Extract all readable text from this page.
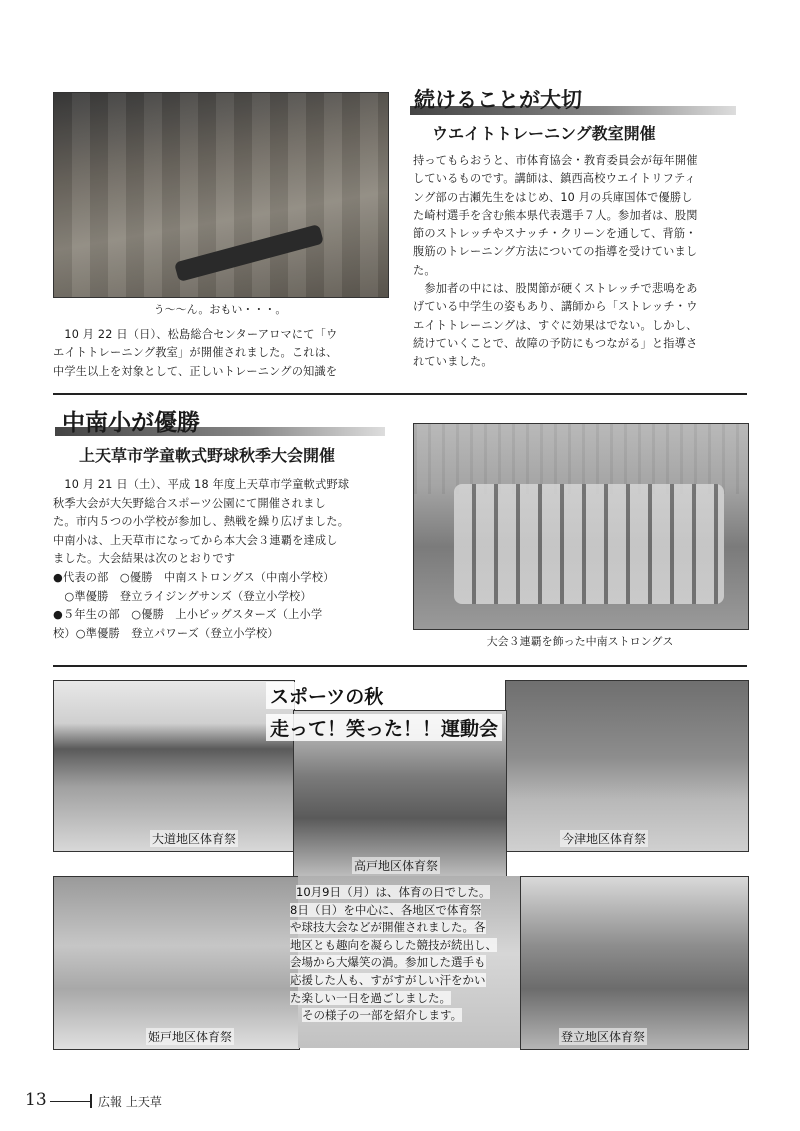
う～～ん。おもい・・・。

　10 月 22 日（日）、松島総合センターアロマにて「ウ

エイトトレーニング教室」が開催されました。これは、

中学生以上を対象として、正しいトレーニングの知識を

続けることが大切
ウエイトトレーニング教室開催

持ってもらおうと、市体育協会・教育委員会が毎年開催

しているものです。講師は、鎮西高校ウエイトリフティ

ング部の古瀬先生をはじめ、10 月の兵庫国体で優勝し

た崎村選手を含む熊本県代表選手７人。参加者は、股関

節のストレッチやスナッチ・クリーンを通して、背筋・

腹筋のトレーニング方法についての指導を受けていまし

た。

　参加者の中には、股関節が硬くストレッチで悲鳴をあ

げている中学生の姿もあり、講師から「ストレッチ・ウ

エイトトレーニングは、すぐに効果はでない。しかし、

続けていくことで、故障の予防にもつながる」と指導さ

れていました。

中南小が優勝
上天草市学童軟式野球秋季大会開催

　10 月 21 日（土）、平成 18 年度上天草市学童軟式野球

秋季大会が大矢野総合スポーツ公園にて開催されまし

た。市内５つの小学校が参加し、熱戦を繰り広げました。

中南小は、上天草市になってから本大会３連覇を達成し

ました。大会結果は次のとおりです

●代表の部　○優勝　中南ストロングス（中南小学校）

　○準優勝　登立ライジングサンズ（登立小学校）

●５年生の部　○優勝　上小ビッグスターズ（上小学

校）○準優勝　登立パワーズ（登立小学校）

大会３連覇を飾った中南ストロングス
大道地区体育祭	今津地区体育祭
高戸地区体育祭
スポーツの秋
走って！笑った！！運動会
姫戸地区体育祭	登立地区体育祭
10月9日（月）は、体育の日でした。
8日（日）を中心に、各地区で体育祭
や球技大会などが開催されました。各
地区とも趣向を凝らした競技が続出し、
会場から大爆笑の渦。参加した選手も
応援した人も、すがすがしい汗をかい
た楽しい一日を過ごしました。
その様子の一部を紹介します。
13	広報 上天草
